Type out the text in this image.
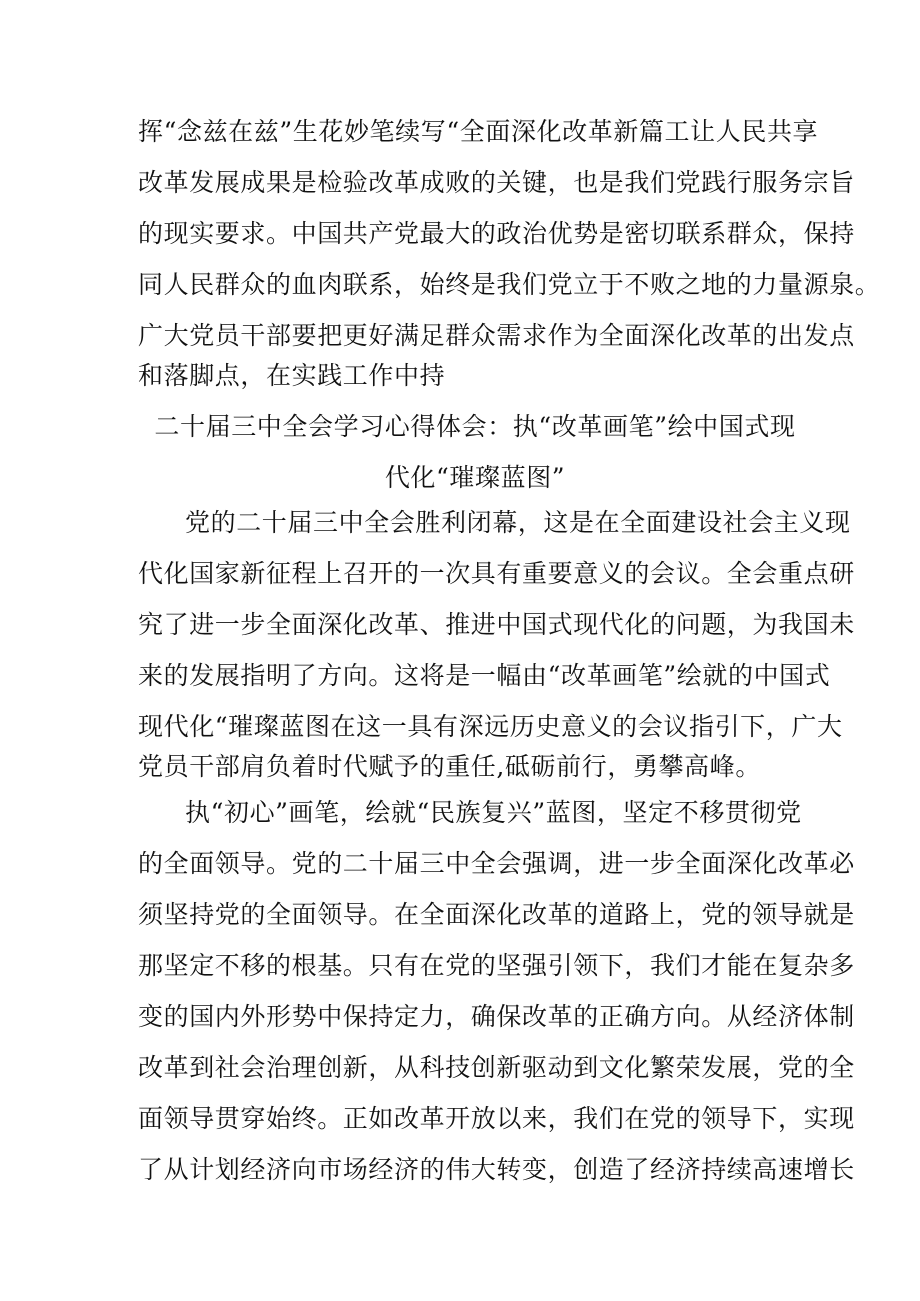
挥“念兹在兹”生花妙笔续写“全面深化改革新篇工让人民共享
改革发展成果是检验改革成败的关键，也是我们党践行服务宗旨
的现实要求。中国共产党最大的政治优势是密切联系群众，保持
同人民群众的血肉联系，始终是我们党立于不败之地的力量源泉。
广大党员干部要把更好满足群众需求作为全面深化改革的出发点
和落脚点，在实践工作中持
二十届三中全会学习心得体会：执“改革画笔”绘中国式现
代化“璀璨蓝图”
党的二十届三中全会胜利闭幕，这是在全面建设社会主义现
代化国家新征程上召开的一次具有重要意义的会议。全会重点研
究了进一步全面深化改革、推进中国式现代化的问题，为我国未
来的发展指明了方向。这将是一幅由“改革画笔”绘就的中国式
现代化“璀璨蓝图在这一具有深远历史意义的会议指引下，广大
党员干部肩负着时代赋予的重任,砥砺前行，勇攀高峰。
执“初心”画笔，绘就“民族复兴”蓝图，坚定不移贯彻党
的全面领导。党的二十届三中全会强调，进一步全面深化改革必
须坚持党的全面领导。在全面深化改革的道路上，党的领导就是
那坚定不移的根基。只有在党的坚强引领下，我们才能在复杂多
变的国内外形势中保持定力，确保改革的正确方向。从经济体制
改革到社会治理创新，从科技创新驱动到文化繁荣发展，党的全
面领导贯穿始终。正如改革开放以来，我们在党的领导下，实现
了从计划经济向市场经济的伟大转变，创造了经济持续高速增长
